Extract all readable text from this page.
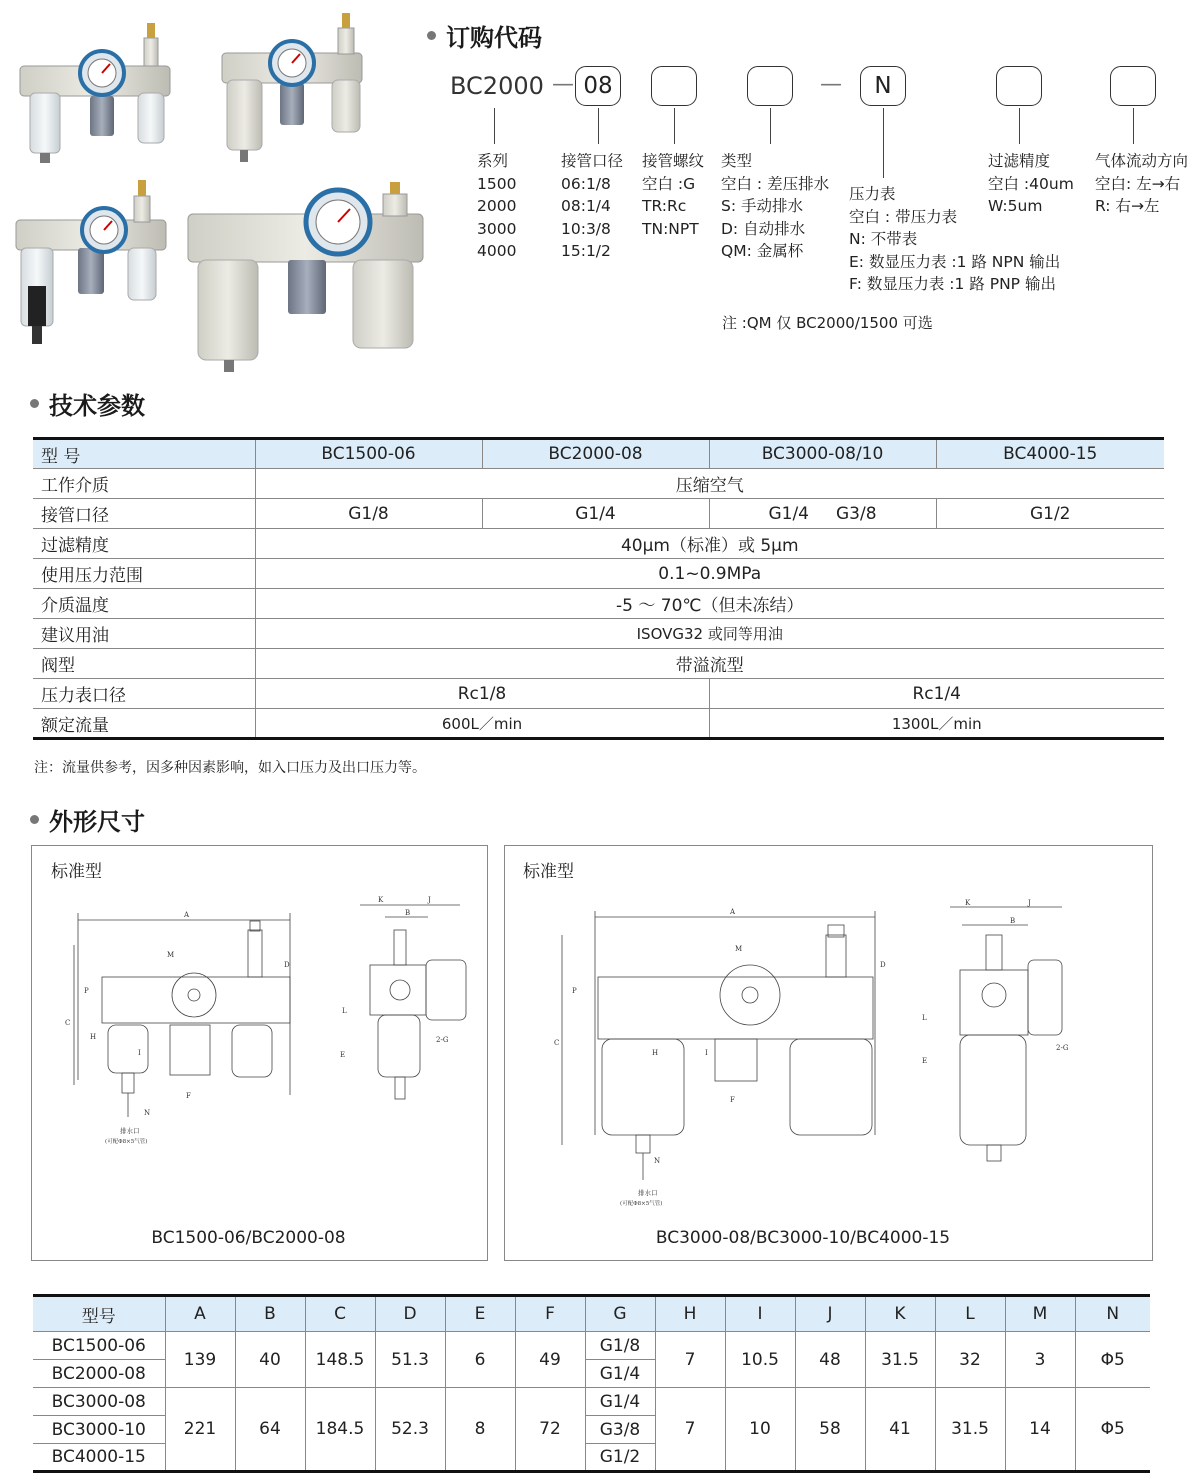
订购代码
BC2000 — 08	—	N
系列
1500
2000
3000
4000
接管口径
06:1/8
08:1/4
10:3/8
15:1/2
接管螺纹
空白 :G
TR:Rc
TN:NPT
类型
空白 : 差压排水
S: 手动排水
D: 自动排水
QM: 金属杯
压力表
空白 : 带压力表
N: 不带表
E: 数显压力表 :1 路 NPN 输出
F: 数显压力表 :1 路 PNP 输出
过滤精度
空白 :40um
W:5um
气体流动方向
空白: 左→右
R: 右→左
注 :QM 仅 BC2000/1500 可选
技术参数
型 号	BC1500-06	BC2000-08	BC3000-08/10	BC4000-15
工作介质	压缩空气			
接管口径	G1/8	G1/4	G1/4     G3/8	G1/2
过滤精度	40μm（标准）或 5μm			
使用压力范围	0.1~0.9MPa			
介质温度	-5 ～ 70℃（但未冻结）			
建议用油	ISOVG32 或同等用油			
阀型	带溢流型			
压力表口径	Rc1/8		Rc1/4	
额定流量	600L／min		1300L／min	
注：流量供参考，因多种因素影响，如入口压力及出口压力等。
外形尺寸
标准型	标准型
BC1500-06/BC2000-08	BC3000-08/BC3000-10/BC4000-15
A
C
P
M
D
H
I
F
N
排水口
(可配Φ8×5气管)
K	J
B
L
E
2-G
A
C
P
M
D
H	I
F
N
排水口
(可配Φ8×5气管)
K	J
B
L
E
2-G
型号	A	B	C	D	E	F	G	H	I	J	K	L	M	N
BC1500-06	139	40	148.5	51.3	6	49	G1/8	7	10.5	48	31.5	32	3	Φ5
BC2000-08							G1/4							
BC3000-08	221	64	184.5	52.3	8	72	G1/4	7	10	58	41	31.5	14	Φ5
BC3000-10							G3/8							
BC4000-15							G1/2							
